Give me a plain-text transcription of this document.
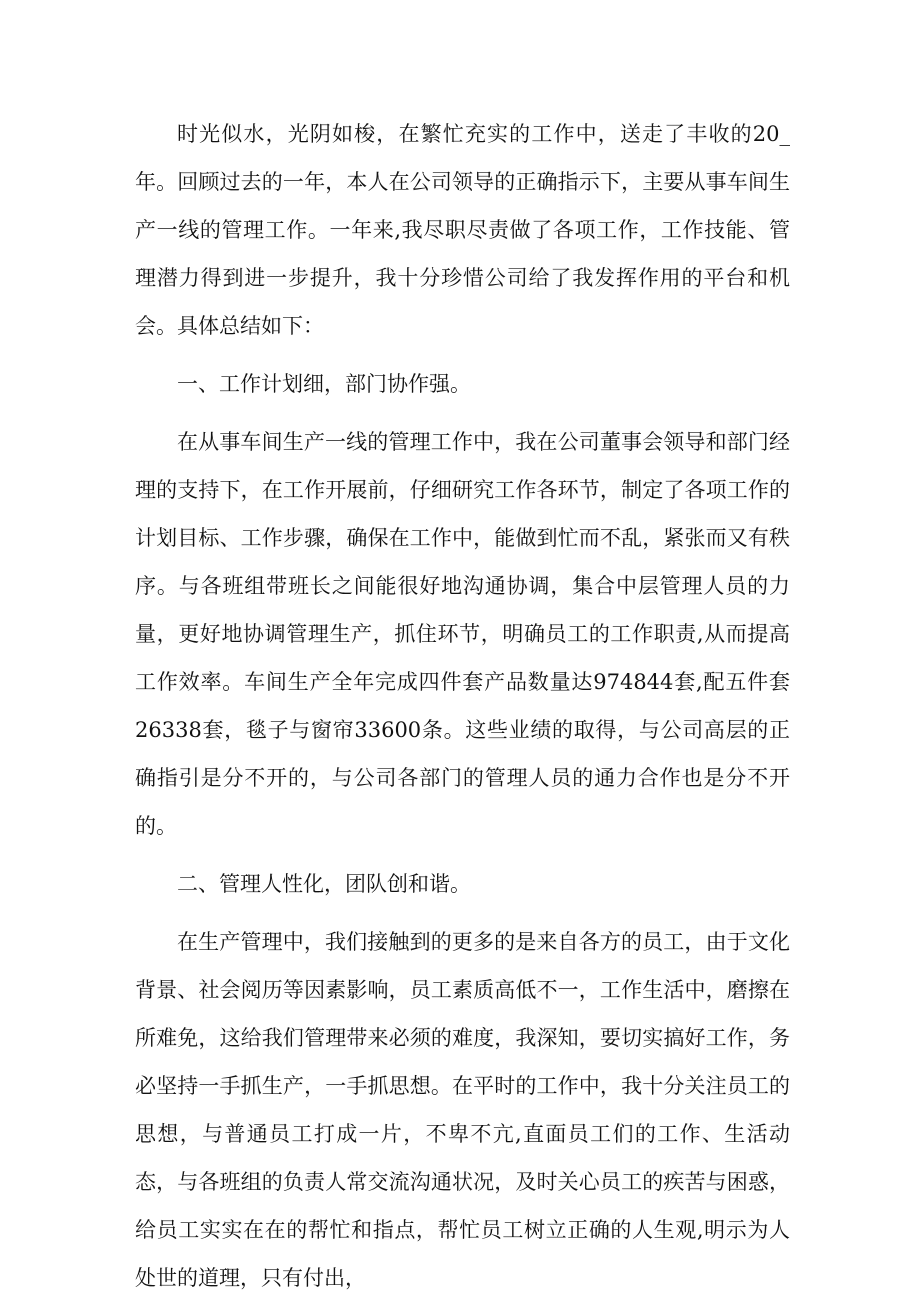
时光似水，光阴如梭，在繁忙充实的工作中，送走了丰收的20_年。回顾过去的一年，本人在公司领导的正确指示下，主要从事车间生产一线的管理工作。一年来,我尽职尽责做了各项工作，工作技能、管理潜力得到进一步提升，我十分珍惜公司给了我发挥作用的平台和机会。具体总结如下：

一、工作计划细，部门协作强。

在从事车间生产一线的管理工作中，我在公司董事会领导和部门经理的支持下，在工作开展前，仔细研究工作各环节，制定了各项工作的计划目标、工作步骤，确保在工作中，能做到忙而不乱，紧张而又有秩序。与各班组带班长之间能很好地沟通协调，集合中层管理人员的力量，更好地协调管理生产，抓住环节，明确员工的工作职责,从而提高工作效率。车间生产全年完成四件套产品数量达974844套,配五件套26338套，毯子与窗帘33600条。这些业绩的取得，与公司高层的正确指引是分不开的，与公司各部门的管理人员的通力合作也是分不开的。

二、管理人性化，团队创和谐。

在生产管理中，我们接触到的更多的是来自各方的员工，由于文化背景、社会阅历等因素影响，员工素质高低不一，工作生活中，磨擦在所难免，这给我们管理带来必须的难度，我深知，要切实搞好工作，务必坚持一手抓生产，一手抓思想。在平时的工作中，我十分关注员工的思想，与普通员工打成一片，不卑不亢,直面员工们的工作、生活动态，与各班组的负责人常交流沟通状况，及时关心员工的疾苦与困惑，给员工实实在在的帮忙和指点，帮忙员工树立正确的人生观,明示为人处世的道理，只有付出，
